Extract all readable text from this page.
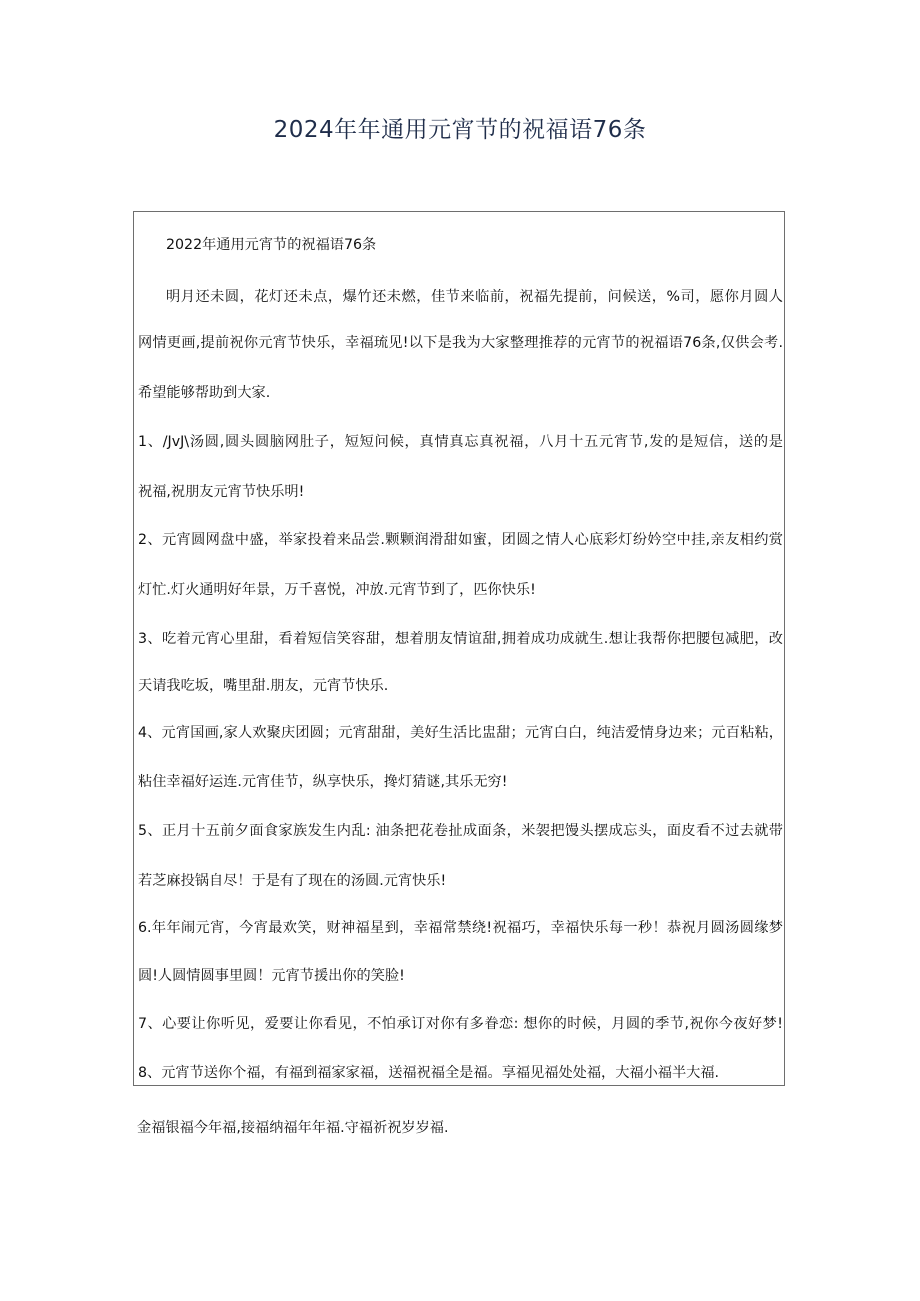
2024年年通用元宵节的祝福语76条
2022年通用元宵节的祝福语76条
明月还未圆，花灯还未点，爆竹还未燃，佳节来临前，祝福先提前，问候送，%司，愿你月圆人
网情更画,提前祝你元宵节快乐，幸福琉见!以下是我为大家整理推荐的元宵节的祝福语76条,仅供会考.
希望能够帮助到大家.
1、/JvJ\汤圆,圆头圆脑网肚子，短短问候，真情真忘真祝福，八月十五元宵节,发的是短信，送的是
祝福,祝朋友元宵节快乐明!
2、元宵圆网盘中盛，举家投着来品尝.颗颗润滑甜如蜜，团圆之情人心底彩灯纷妗空中挂,亲友相约赏
灯忙.灯火通明好年景，万千喜悦，冲放.元宵节到了，匹你快乐!
3、吃着元宵心里甜，看着短信笑容甜，想着朋友情谊甜,拥着成功成就生.想让我帮你把腰包减肥，改
天请我吃坂，嘴里甜.朋友，元宵节快乐.
4、元宵国画,家人欢聚庆团圆；元宵甜甜，美好生活比盅甜；元宵白白，纯洁爱情身边来；元百粘粘，
粘住幸福好运连.元宵佳节，纵享快乐，搀灯猜谜,其乐无穷!
5、正月十五前夕面食家族发生内乱: 油条把花卷扯成面条，米袈把馒头摆成忘头，面皮看不过去就带
若芝麻投锅自尽！于是有了现在的汤圆.元宵快乐!
6.年年闹元宵，今宵最欢笑，财神福星到，幸福常禁绕!祝福巧，幸福快乐每一秒！恭祝月圆汤圆缘梦
圆!人圆情圆事里圆！元宵节援出你的笑脸!
7、心要让你听见，爱要让你看见，不怕承订对你有多眷恋: 想你的时候，月圆的季节,祝你今夜好梦!
8、元宵节送你个福，有福到福家家福，送福祝福全是福。享福见福处处福，大福小福半大福.
金福银福今年福,接福纳福年年福.守福祈祝岁岁福.
